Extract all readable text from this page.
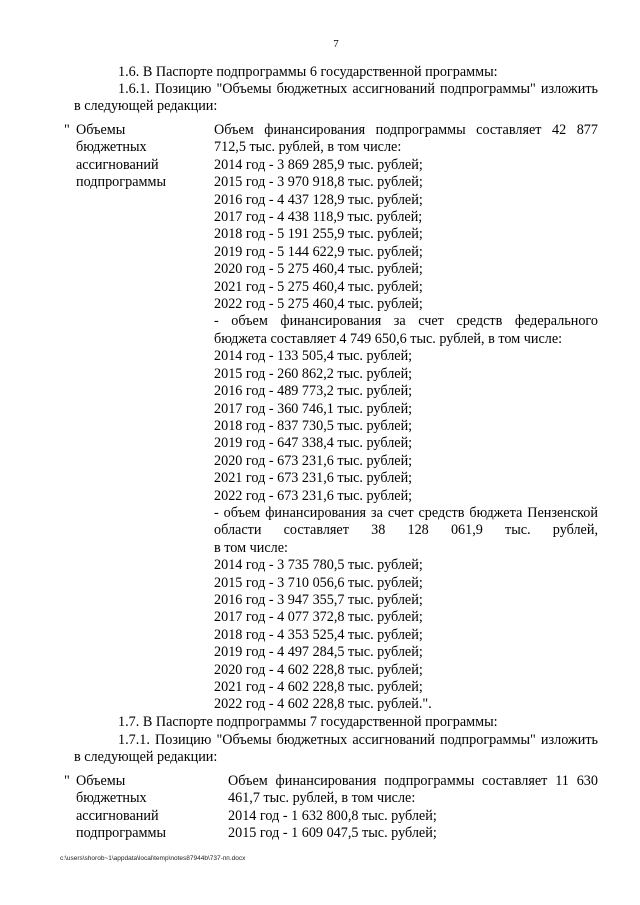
7
1.6. В Паспорте подпрограммы 6 государственной программы:
1.6.1. Позицию "Объемы бюджетных ассигнований подпрограммы" изложить в следующей редакции:
" Объемы
бюджетных
ассигнований
подпрограммы
Объем финансирования подпрограммы составляет 42 877 712,5 тыс. рублей, в том числе:
2014 год - 3 869 285,9 тыс. рублей;
2015 год - 3 970 918,8 тыс. рублей;
2016 год - 4 437 128,9 тыс. рублей;
2017 год - 4 438 118,9 тыс. рублей;
2018 год - 5 191 255,9 тыс. рублей;
2019 год - 5 144 622,9 тыс. рублей;
2020 год - 5 275 460,4 тыс. рублей;
2021 год - 5 275 460,4 тыс. рублей;
2022 год - 5 275 460,4 тыс. рублей;
- объем финансирования за счет средств федерального бюджета составляет 4 749 650,6 тыс. рублей, в том числе:
2014 год - 133 505,4 тыс. рублей;
2015 год - 260 862,2 тыс. рублей;
2016 год - 489 773,2 тыс. рублей;
2017 год - 360 746,1 тыс. рублей;
2018 год - 837 730,5 тыс. рублей;
2019 год - 647 338,4 тыс. рублей;
2020 год - 673 231,6 тыс. рублей;
2021 год - 673 231,6 тыс. рублей;
2022 год - 673 231,6 тыс. рублей;
- объем финансирования за счет средств бюджета Пензенской области составляет 38 128 061,9 тыс. рублей,
в том числе:
2014 год - 3 735 780,5 тыс. рублей;
2015 год - 3 710 056,6 тыс. рублей;
2016 год - 3 947 355,7 тыс. рублей;
2017 год - 4 077 372,8 тыс. рублей;
2018 год - 4 353 525,4 тыс. рублей;
2019 год - 4 497 284,5 тыс. рублей;
2020 год - 4 602 228,8 тыс. рублей;
2021 год - 4 602 228,8 тыс. рублей;
2022 год - 4 602 228,8 тыс. рублей.".
1.7. В Паспорте подпрограммы 7 государственной программы:
1.7.1. Позицию "Объемы бюджетных ассигнований подпрограммы" изложить в следующей редакции:
" Объемы
бюджетных
ассигнований
подпрограммы
Объем финансирования подпрограммы составляет 11 630 461,7 тыс. рублей, в том числе:
2014 год - 1 632 800,8 тыс. рублей;
2015 год - 1 609 047,5 тыс. рублей;
c:\users\shorob~1\appdata\local\temp\notes87944b\737-пп.docx
